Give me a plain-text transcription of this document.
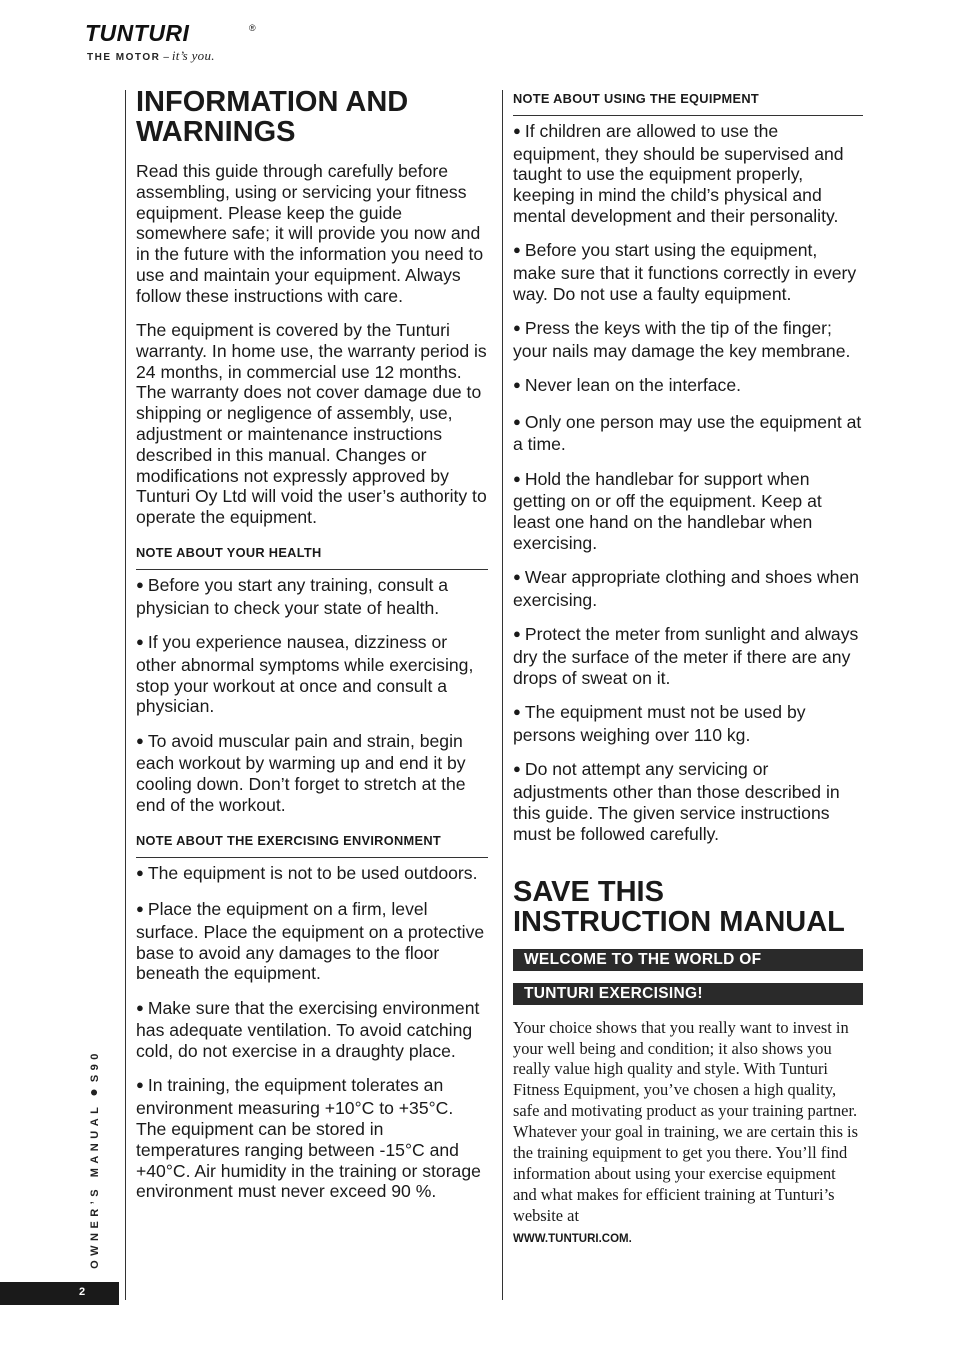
TUNTURI	®
THE MOTOR – it’s you.
INFORMATION AND WARNINGS

Read this guide through carefully before assembling, using or servicing your fitness equipment. Please keep the guide somewhere safe; it will provide you now and in the future with the information you need to use and maintain your equipment. Always follow these instructions with care.

The equipment is covered by the Tunturi warranty. In home use, the warranty period is 24 months, in commercial use 12 months. The warranty does not cover damage due to shipping or negligence of assembly, use, adjustment or maintenance instructions described in this manual. Changes or modifications not expressly approved by Tunturi Oy Ltd will void the user’s authority to operate the equipment.

NOTE ABOUT YOUR HEALTH

● Before you start any training, consult a physician to check your state of health.

● If you experience nausea, dizziness or other abnormal symptoms while exercising, stop your workout at once and consult a physician.

● To avoid muscular pain and strain, begin each workout by warming up and end it by cooling down. Don’t forget to stretch at the end of the workout.

NOTE ABOUT THE EXERCISING ENVIRONMENT

● The equipment is not to be used outdoors.

● Place the equipment on a firm, level surface. Place the equipment on a protective base to avoid any damages to the floor beneath the equipment.

● Make sure that the exercising environment has adequate ventilation. To avoid catching cold, do not exercise in a draughty place.

● In training, the equipment tolerates an environment measuring +10°C to +35°C. The equipment can be stored in temperatures ranging between -15°C and +40°C. Air humidity in the training or storage environment must never exceed 90 %.

NOTE ABOUT USING THE EQUIPMENT

● If children are allowed to use the equipment, they should be supervised and taught to use the equipment properly, keeping in mind the child’s physical and mental development and their personality.

● Before you start using the equipment, make sure that it functions correctly in every way. Do not use a faulty equipment.

● Press the keys with the tip of the finger; your nails may damage the key membrane.

● Never lean on the interface.

● Only one person may use the equipment at a time.

● Hold the handlebar for support when getting on or off the equipment. Keep at least one hand on the handlebar when exercising.

● Wear appropriate clothing and shoes when exercising.

● Protect the meter from sunlight and always dry the surface of the meter if there are any drops of sweat on it.

● The equipment must not be used by persons weighing over 110 kg.

● Do not attempt any servicing or adjustments other than those described in this guide. The given service instructions must be followed carefully.

SAVE THIS INSTRUCTION MANUAL
WELCOME TO THE WORLD OF
TUNTURI EXERCISING!

Your choice shows that you really want to invest in your well being and condition; it also shows you really value high quality and style. With Tunturi Fitness Equipment, you’ve chosen a high quality, safe and motivating product as your training partner. Whatever your goal in training, we are certain this is the training equipment to get you there. You’ll find information about using your exercise equipment and what makes for efficient training at Tunturi’s website at
WWW.TUNTURI.COM.

OWNER’S MANUAL●S90
2
